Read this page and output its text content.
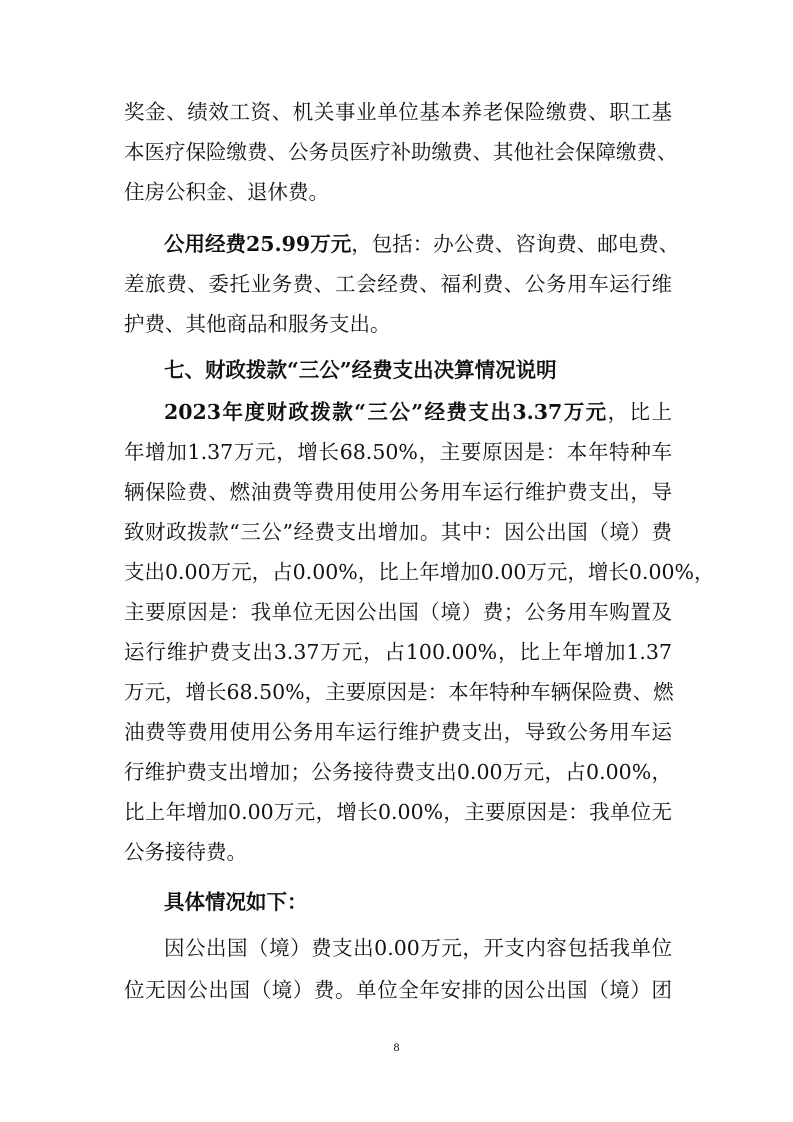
奖金、绩效工资、机关事业单位基本养老保险缴费、职工基

本医疗保险缴费、公务员医疗补助缴费、其他社会保障缴费、

住房公积金、退休费。

公用经费25.99万元，包括：办公费、咨询费、邮电费、

差旅费、委托业务费、工会经费、福利费、公务用车运行维

护费、其他商品和服务支出。

七、财政拨款“三公”经费支出决算情况说明

2023年度财政拨款“三公”经费支出3.37万元，比上

年增加1.37万元，增长68.50%，主要原因是：本年特种车

辆保险费、燃油费等费用使用公务用车运行维护费支出，导

致财政拨款“三公”经费支出增加。其中：因公出国（境）费

支出0.00万元，占0.00%，比上年增加0.00万元，增长0.00%，

主要原因是：我单位无因公出国（境）费；公务用车购置及

运行维护费支出3.37万元，占100.00%，比上年增加1.37

万元，增长68.50%，主要原因是：本年特种车辆保险费、燃

油费等费用使用公务用车运行维护费支出，导致公务用车运

行维护费支出增加；公务接待费支出0.00万元，占0.00%，

比上年增加0.00万元，增长0.00%，主要原因是：我单位无

公务接待费。

具体情况如下：

因公出国（境）费支出0.00万元，开支内容包括我单位

位无因公出国（境）费。单位全年安排的因公出国（境）团

8
